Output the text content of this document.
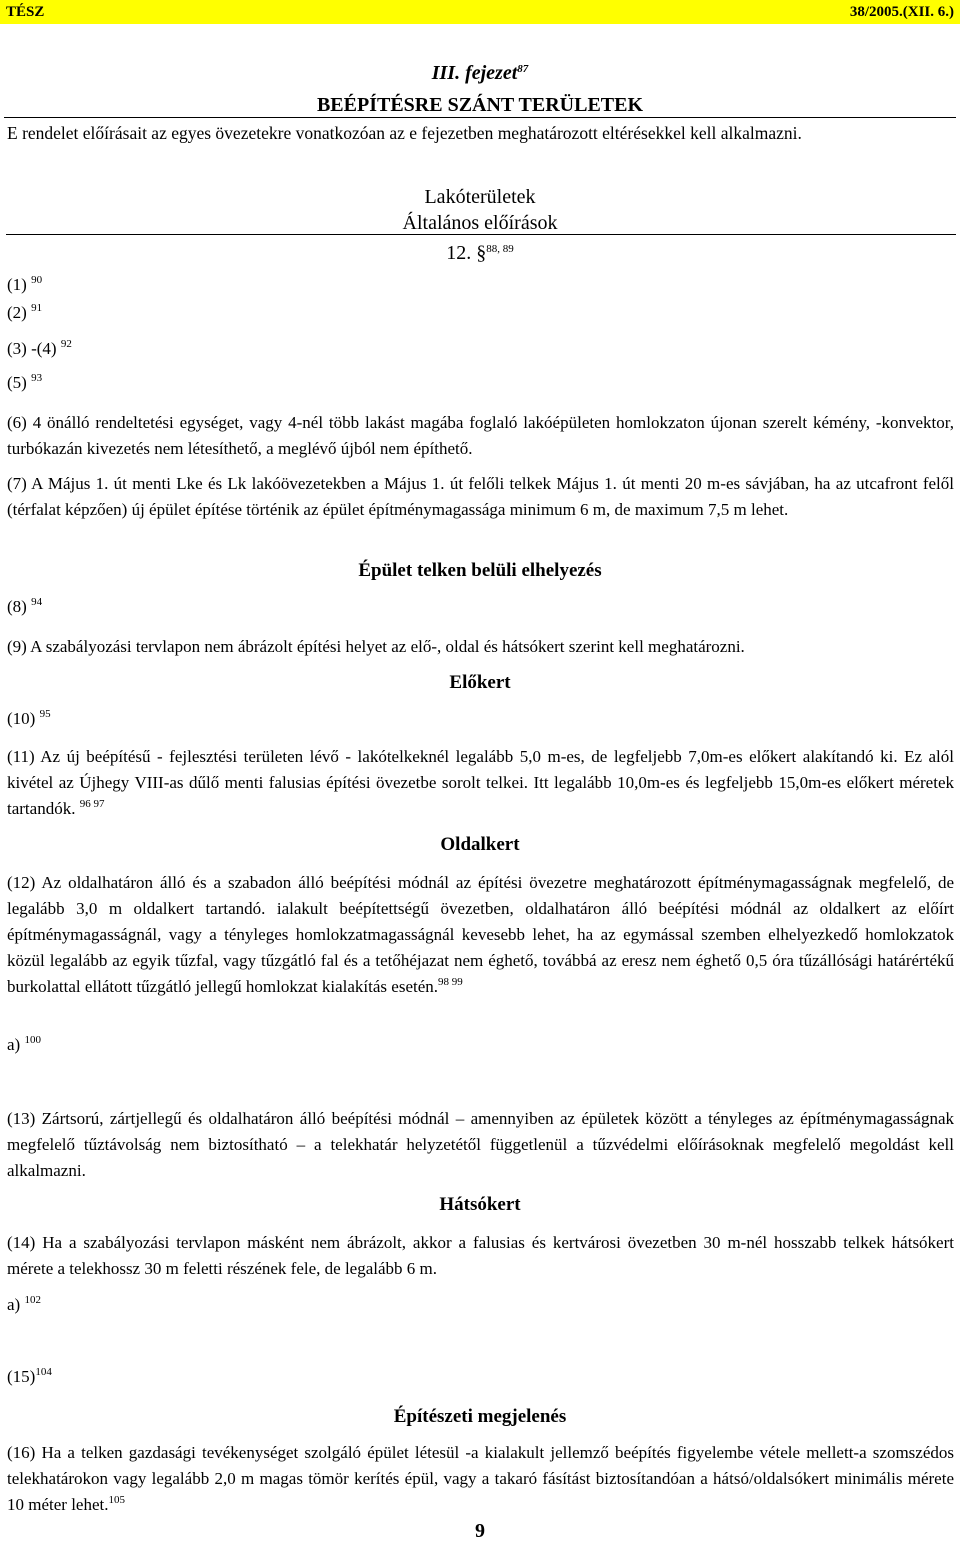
TÉSZ	38/2005.(XII. 6.)
III. fejezet$^{87}$
BEÉPÍTÉSRE SZÁNT TERÜLETEK
E rendelet előírásait az egyes övezetekre vonatkozóan az e fejezetben meghatározott eltérésekkel kell alkalmazni.
Lakóterületek
Általános előírások
12. §$^{88, 89}$
(1) $^{90}$
(2) $^{91}$
(3) -(4) $^{92}$
(5) $^{93}$
(6) 4 önálló rendeltetési egységet, vagy 4-nél több lakást magába foglaló lakóépületen homlokzaton újonan szerelt kémény, -konvektor, turbókazán kivezetés nem létesíthető, a meglévő újból nem építhető.
(7) A Május 1. út menti Lke és Lk lakóövezetekben a Május 1. út felőli telkek Május 1. út menti 20 m-es sávjában, ha az utcafront felől (térfalat képzően) új épület építése történik az épület építménymagassága minimum 6 m, de maximum 7,5 m lehet.
Épület telken belüli elhelyezés
(8) $^{94}$
(9) A szabályozási tervlapon nem ábrázolt építési helyet az elő-, oldal és hátsókert szerint kell meghatározni.
Előkert
(10) $^{95}$
(11) Az új beépítésű - fejlesztési területen lévő - lakótelkeknél legalább 5,0 m-es, de legfeljebb 7,0m-es előkert alakítandó ki. Ez alól kivétel az Újhegy VIII-as dűlő menti falusias építési övezetbe sorolt telkei. Itt legalább 10,0m-es és legfeljebb 15,0m-es előkert méretek tartandók. $^{96 97}$
Oldalkert
(12) Az oldalhatáron álló és a szabadon álló beépítési módnál az építési övezetre meghatározott építménymagasságnak megfelelő, de legalább 3,0 m oldalkert tartandó. ialakult beépítettségű övezetben, oldalhatáron álló beépítési módnál az oldalkert az előírt építménymagasságnál, vagy a tényleges homlokzatmagasságnál kevesebb lehet, ha az egymással szemben elhelyezkedő homlokzatok közül legalább az egyik tűzfal, vagy tűzgátló fal és a tetőhéjazat nem éghető, továbbá az eresz nem éghető 0,5 óra tűzállósági határértékű burkolattal ellátott tűzgátló jellegű homlokzat kialakítás esetén.$^{98 99}$
a) $^{100}$
(13) Zártsorú, zártjellegű és oldalhatáron álló beépítési módnál – amennyiben az épületek között a tényleges az építménymagasságnak megfelelő tűztávolság nem biztosítható – a telekhatár helyzetétől függetlenül a tűzvédelmi előírásoknak megfelelő megoldást kell alkalmazni.
Hátsókert
(14) Ha a szabályozási tervlapon másként nem ábrázolt, akkor a falusias és kertvárosi övezetben 30 m-nél hosszabb telkek hátsókert mérete a telekhossz 30 m feletti részének fele, de legalább 6 m.
a) $^{102}$
$(15)^{104}$
Építészeti megjelenés
(16) Ha a telken gazdasági tevékenységet szolgáló épület létesül -a kialakult jellemző beépítés figyelembe vétele mellett-a szomszédos telekhatárokon vagy legalább 2,0 m magas tömör kerítés épül, vagy a takaró fásítást biztosítandóan a hátsó/oldalsókert minimális mérete 10 méter lehet.$^{105}$
9
